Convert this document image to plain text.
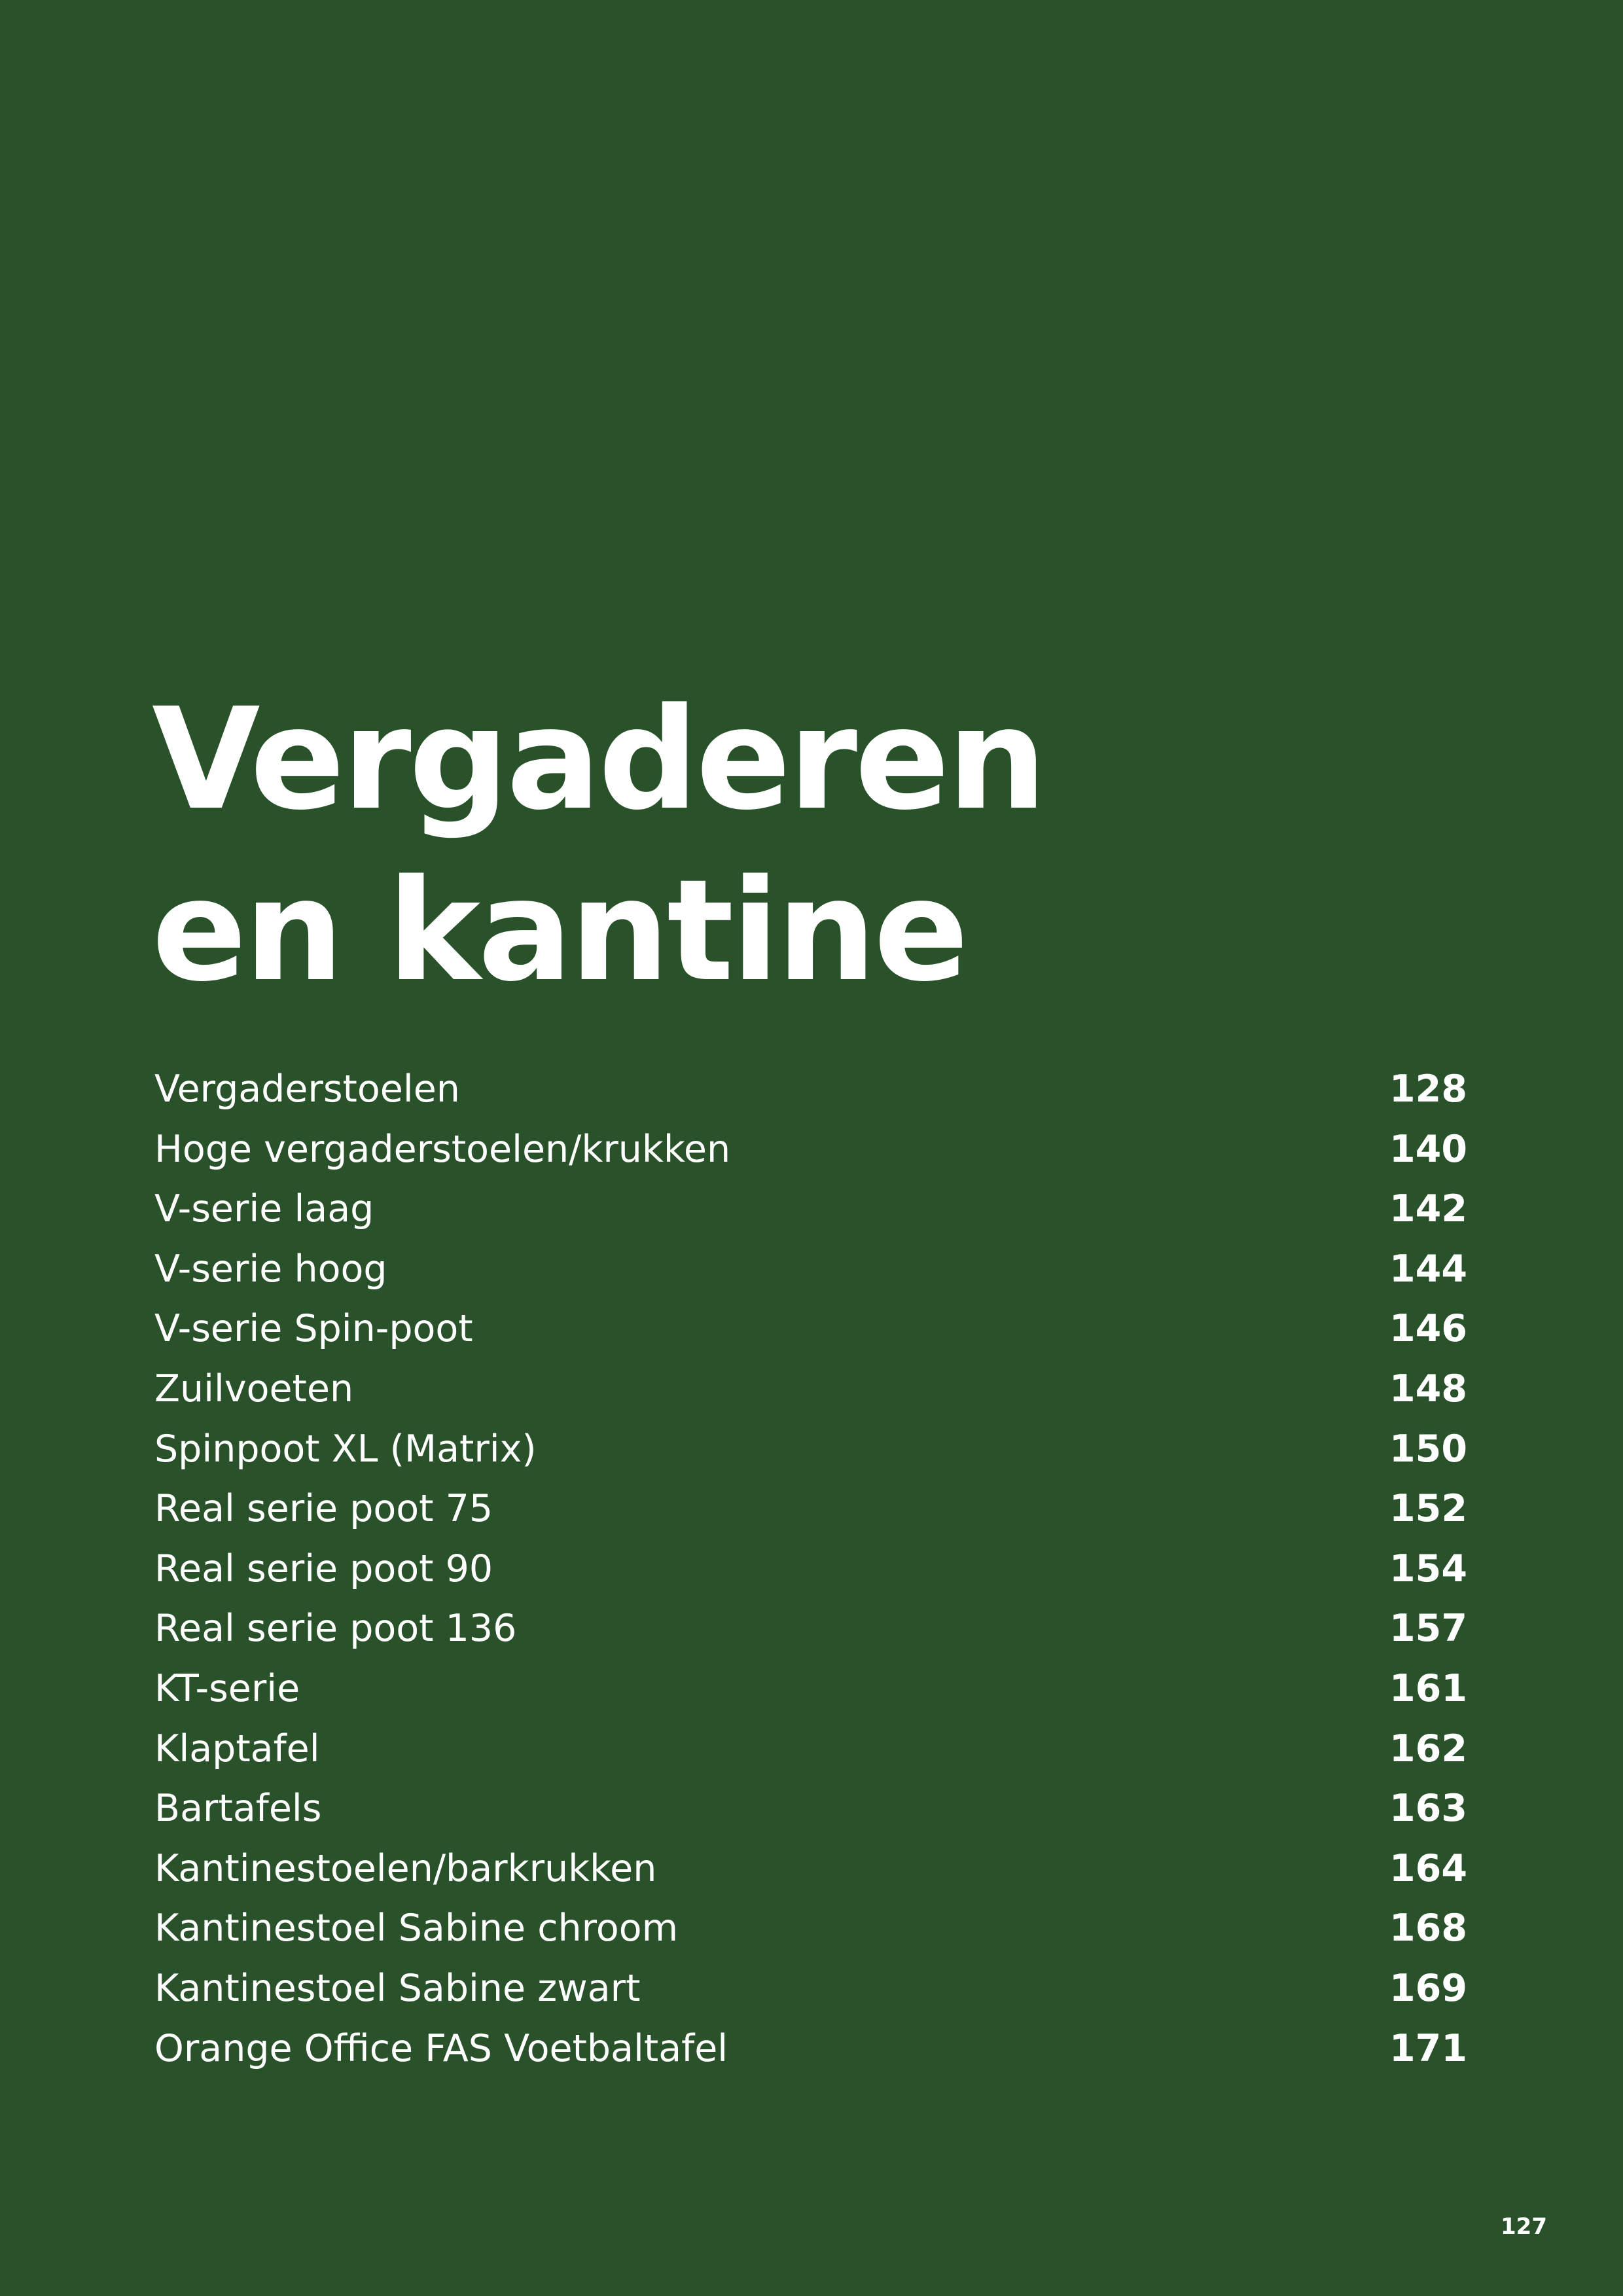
Vergaderen
en kantine
Vergaderstoelen	128
Hoge vergaderstoelen/krukken	140
V-serie laag	142
V-serie hoog	144
V-serie Spin-poot	146
Zuilvoeten	148
Spinpoot XL (Matrix)	150
Real serie poot 75	152
Real serie poot 90	154
Real serie poot 136	157
KT-serie	161
Klaptafel	162
Bartafels	163
Kantinestoelen/barkrukken	164
Kantinestoel Sabine chroom	168
Kantinestoel Sabine zwart	169
Orange Office FAS Voetbaltafel	171
127
